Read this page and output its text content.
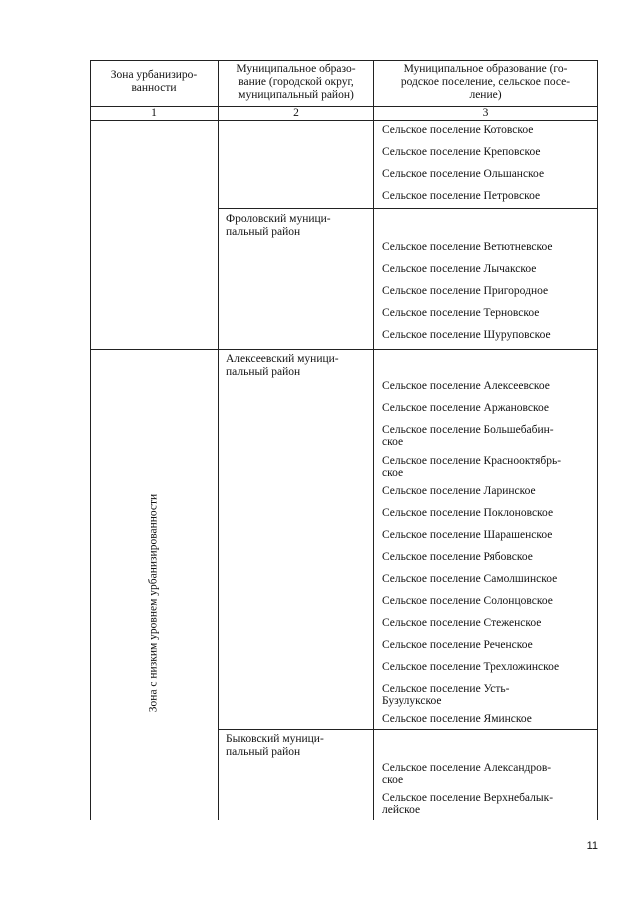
Зона урбанизиро-
ванности
Муниципальное образо-
вание (городской округ,
муниципальный район)
Муниципальное образование (го-
родское поселение, сельское посе-
ление)
1	2	3
Зона с низким уровнем урбанизированности
Фроловский муници-
пальный район
Алексеевский муници-
пальный район
Быковский муници-
пальный район
Сельское поселение Котовское
Сельское поселение Креповское
Сельское поселение Ольшанское
Сельское поселение Петровское
Сельское поселение Ветютневское
Сельское поселение Лычакское
Сельское поселение Пригородное
Сельское поселение Терновское
Сельское поселение Шуруповское
Сельское поселение Алексеевское
Сельское поселение Аржановское
Сельское поселение Большебабин-
ское
Сельское поселение Краснооктябрь-
ское
Сельское поселение Ларинское
Сельское поселение Поклоновское
Сельское поселение Шарашенское
Сельское поселение Рябовское
Сельское поселение Самолшинское
Сельское поселение Солонцовское
Сельское поселение Стеженское
Сельское поселение Реченское
Сельское поселение Трехложинское
Сельское поселение Усть-
Бузулукское
Сельское поселение Яминское
Сельское поселение Александров-
ское
Сельское поселение Верхнебалык-
лейское
11
